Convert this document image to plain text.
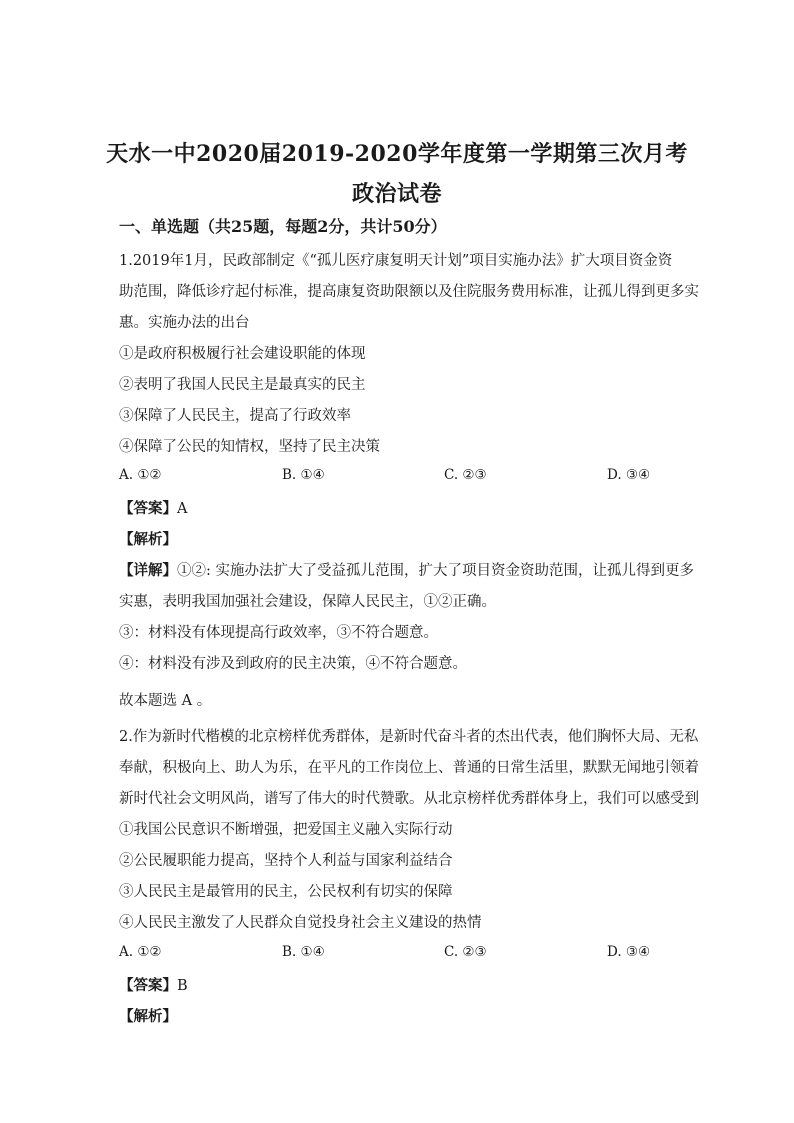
天水一中2020届2019-2020学年度第一学期第三次月考
政治试卷
一、单选题（共25题，每题2分，共计50分）
1.2019年1月，民政部制定《“孤儿医疗康复明天计划”项目实施办法》扩大项目资金资
助范围，降低诊疗起付标准，提高康复资助限额以及住院服务费用标准，让孤儿得到更多实
惠。实施办法的出台
①是政府积极履行社会建设职能的体现
②表明了我国人民民主是最真实的民主
③保障了人民民主，提高了行政效率
④保障了公民的知情权，坚持了民主决策
A. ①②	B. ①④	C. ②③	D. ③④
【答案】A
【解析】
【详解】①②: 实施办法扩大了受益孤儿范围，扩大了项目资金资助范围，让孤儿得到更多
实惠，表明我国加强社会建设，保障人民民主，①②正确。
③：材料没有体现提高行政效率，③不符合题意。
④：材料没有涉及到政府的民主决策，④不符合题意。
故本题选 A 。
2.作为新时代楷模的北京榜样优秀群体，是新时代奋斗者的杰出代表，他们胸怀大局、无私
奉献，积极向上、助人为乐，在平凡的工作岗位上、普通的日常生活里，默默无闻地引领着
新时代社会文明风尚，谱写了伟大的时代赞歌。从北京榜样优秀群体身上，我们可以感受到
①我国公民意识不断增强，把爱国主义融入实际行动
②公民履职能力提高，坚持个人利益与国家利益结合
③人民民主是最管用的民主，公民权利有切实的保障
④人民民主激发了人民群众自觉投身社会主义建设的热情
A. ①②	B. ①④	C. ②③	D. ③④
【答案】B
【解析】
